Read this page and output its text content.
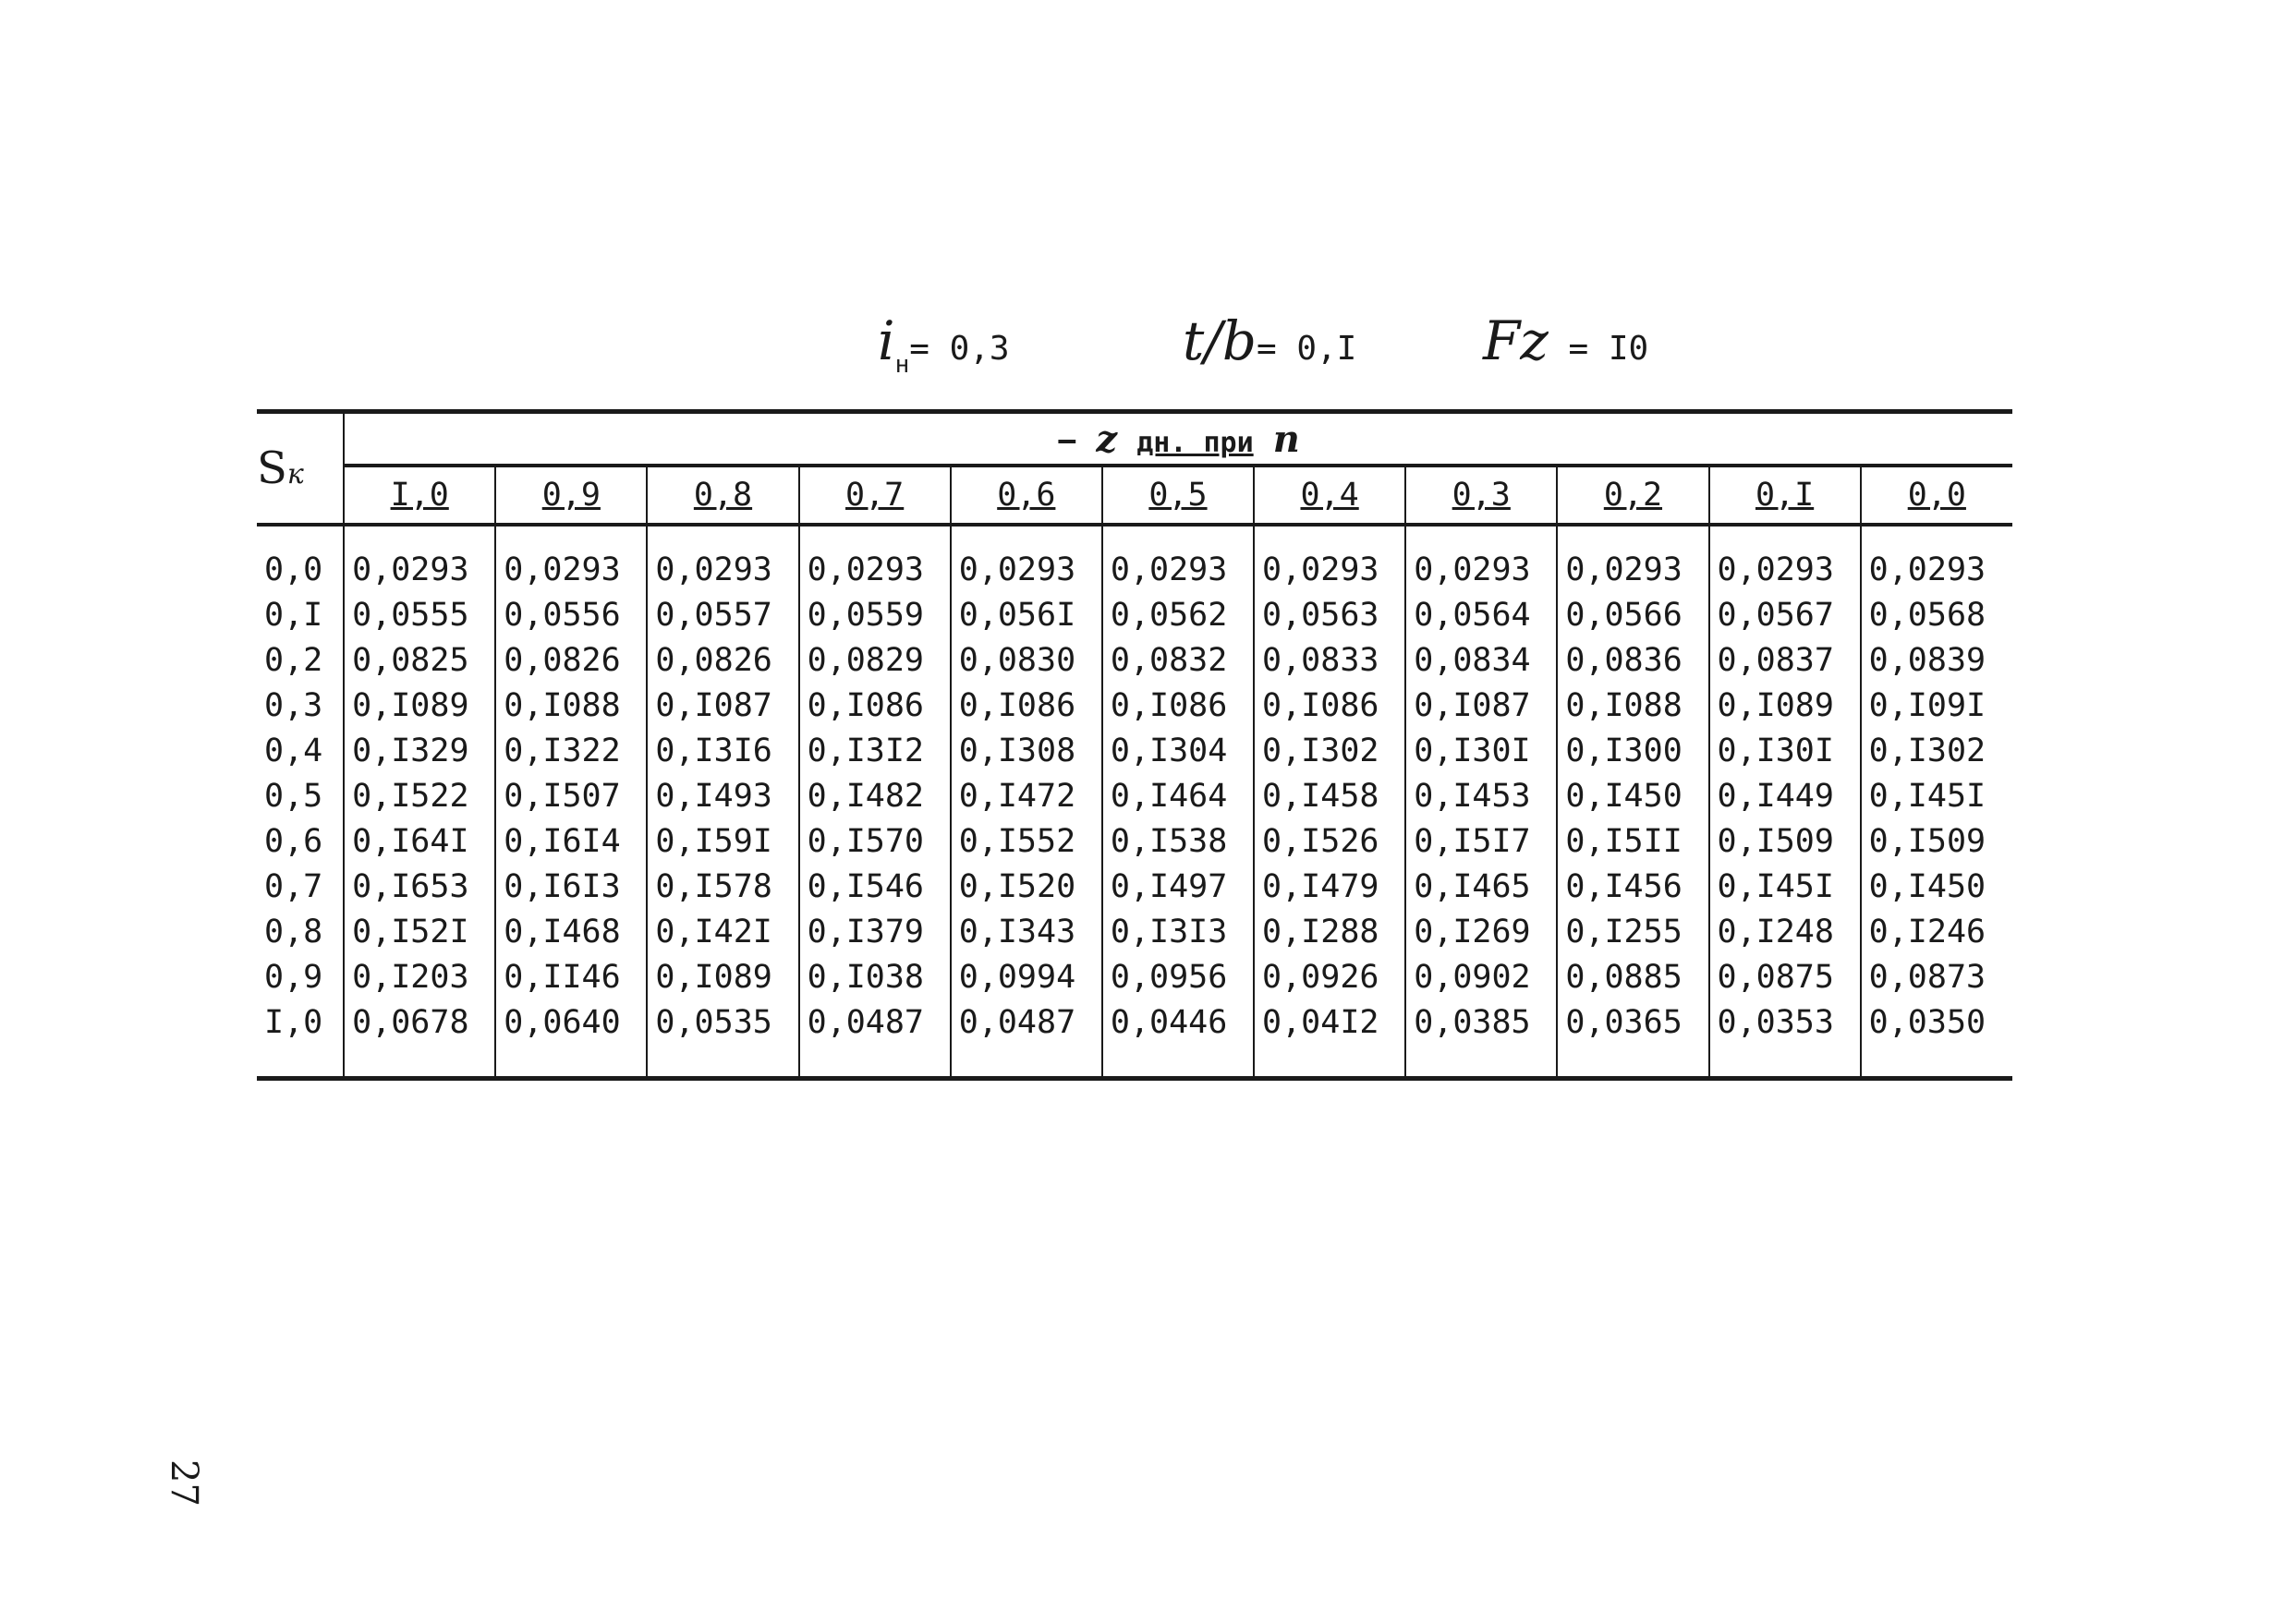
$i_н= 0,3$	t/b= 0,I Fz = I0
Sк	− z дн. при n										
	I,0	0,9	0,8	0,7	0,6	0,5	0,4	0,3	0,2	0,I	0,0
0,0	0,0293	0,0293	0,0293	0,0293	0,0293	0,0293	0,0293	0,0293	0,0293	0,0293	0,0293
0,I	0,0555	0,0556	0,0557	0,0559	0,056I	0,0562	0,0563	0,0564	0,0566	0,0567	0,0568
0,2	0,0825	0,0826	0,0826	0,0829	0,0830	0,0832	0,0833	0,0834	0,0836	0,0837	0,0839
0,3	0,I089	0,I088	0,I087	0,I086	0,I086	0,I086	0,I086	0,I087	0,I088	0,I089	0,I09I
0,4	0,I329	0,I322	0,I3I6	0,I3I2	0,I308	0,I304	0,I302	0,I30I	0,I300	0,I30I	0,I302
0,5	0,I522	0,I507	0,I493	0,I482	0,I472	0,I464	0,I458	0,I453	0,I450	0,I449	0,I45I
0,6	0,I64I	0,I6I4	0,I59I	0,I570	0,I552	0,I538	0,I526	0,I5I7	0,I5II	0,I509	0,I509
0,7	0,I653	0,I6I3	0,I578	0,I546	0,I520	0,I497	0,I479	0,I465	0,I456	0,I45I	0,I450
0,8	0,I52I	0,I468	0,I42I	0,I379	0,I343	0,I3I3	0,I288	0,I269	0,I255	0,I248	0,I246
0,9	0,I203	0,II46	0,I089	0,I038	0,0994	0,0956	0,0926	0,0902	0,0885	0,0875	0,0873
I,0	0,0678	0,0640	0,0535	0,0487	0,0487	0,0446	0,04I2	0,0385	0,0365	0,0353	0,0350

27
